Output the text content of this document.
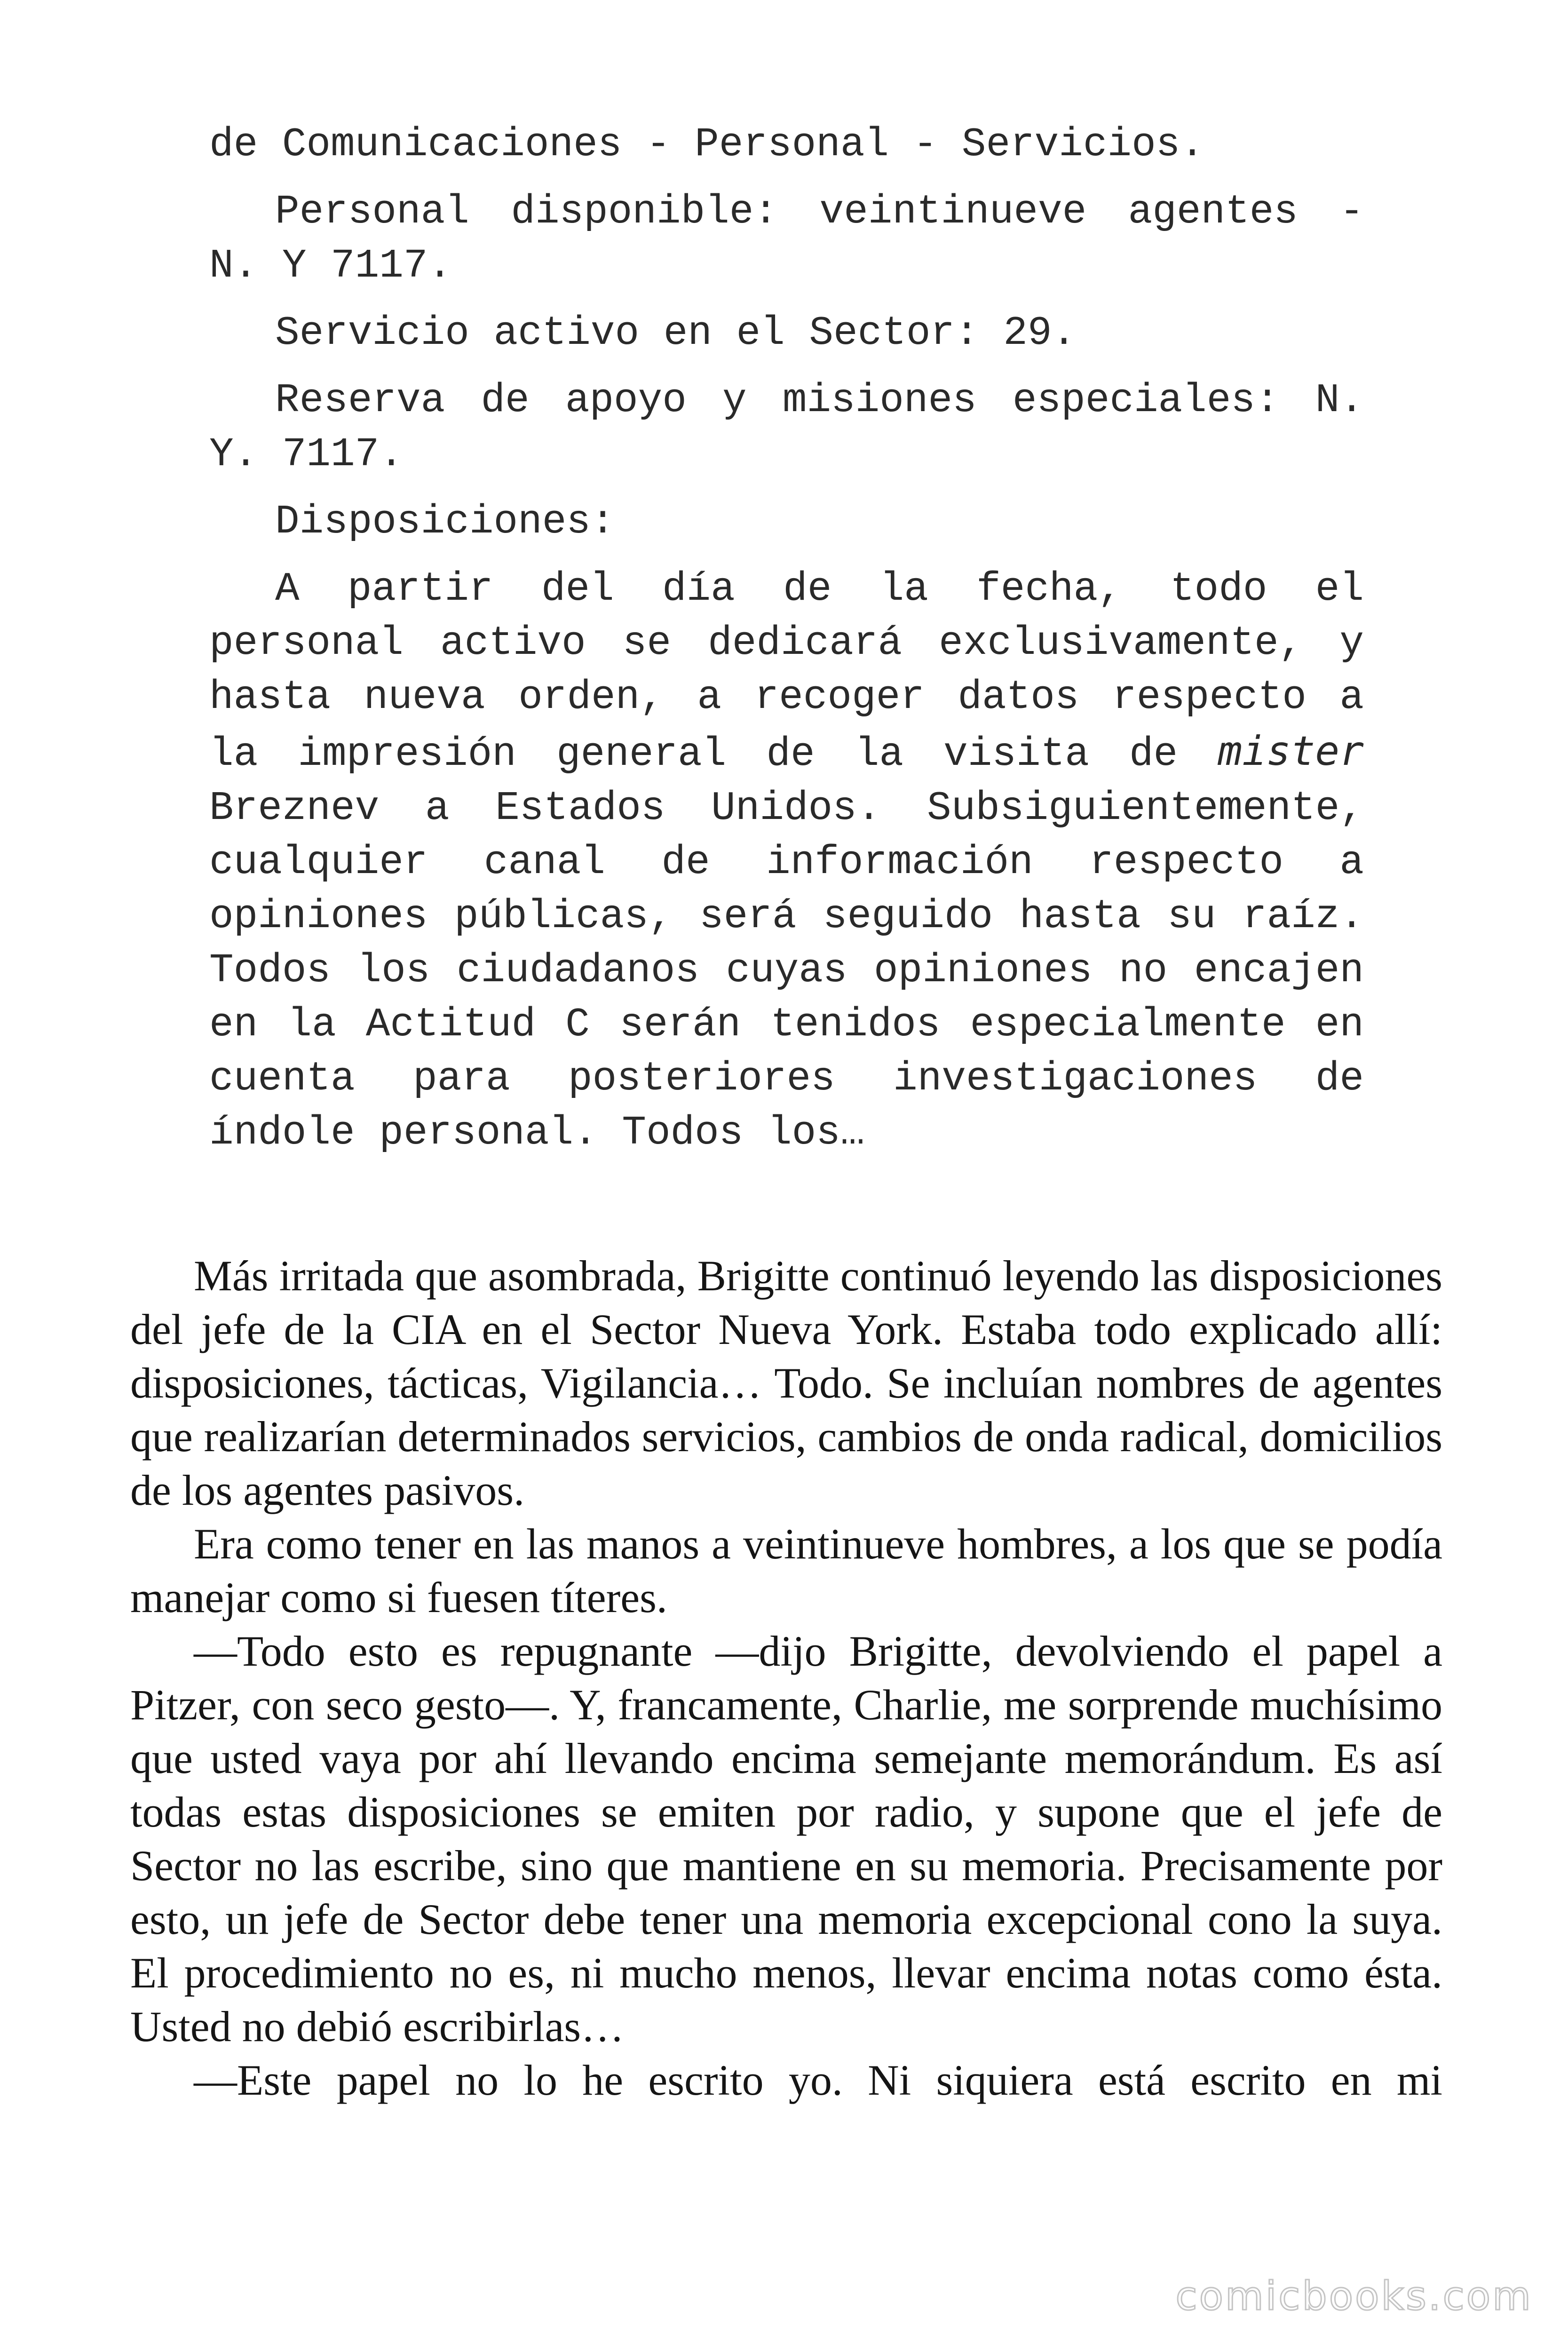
de Comunicaciones - Personal - Servicios.

Personal disponible: veintinueve agentes - N. Y 7117.

Servicio activo en el Sector: 29.

Reserva de apoyo y misiones especiales: N. Y. 7117.

Disposiciones:

A partir del día de la fecha, todo el personal activo se dedicará exclusivamente, y hasta nueva orden, a recoger datos respecto a la impresión general de la visita de mister Breznev a Estados Unidos. Subsiguientemente, cualquier canal de información respecto a opiniones públicas, será seguido hasta su raíz. Todos los ciudadanos cuyas opiniones no encajen en la Actitud C serán tenidos especialmente en cuenta para posteriores investigaciones de índole personal. Todos los…

Más irritada que asombrada, Brigitte continuó leyendo las disposiciones del jefe de la CIA en el Sector Nueva York. Estaba todo explicado allí: disposiciones, tácticas, Vigilancia… Todo. Se incluían nombres de agentes que realizarían determinados servicios, cambios de onda radical, domicilios de los agentes pasivos.

Era como tener en las manos a veintinueve hombres, a los que se podía manejar como si fuesen títeres.

—Todo esto es repugnante —dijo Brigitte, devolviendo el papel a Pitzer, con seco gesto—. Y, francamente, Charlie, me sorprende muchísimo que usted vaya por ahí llevando encima semejante memorándum. Es así todas estas disposiciones se emiten por radio, y supone que el jefe de Sector no las escribe, sino que mantiene en su memoria. Precisamente por esto, un jefe de Sector debe tener una memoria excepcional cono la suya. El procedimiento no es, ni mucho menos, llevar encima notas como ésta. Usted no debió escribirlas…

—Este papel no lo he escrito yo. Ni siquiera está escrito en mi

comicbooks.com
